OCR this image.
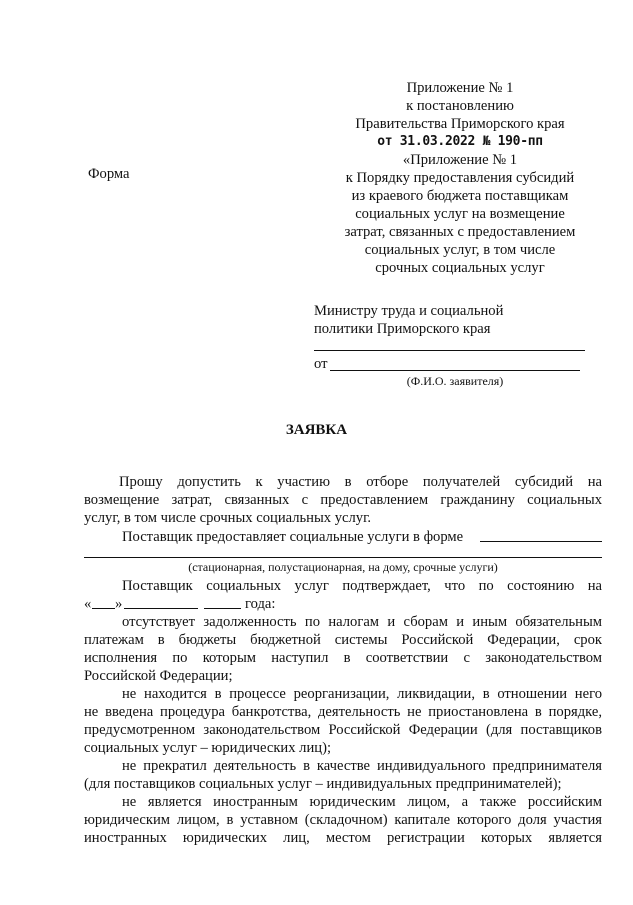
Приложение № 1
к постановлению
Правительства Приморского края
от 31.03.2022 № 190-пп
«Приложение № 1
к Порядку предоставления субсидий
из краевого бюджета поставщикам
социальных услуг на возмещение
затрат, связанных с предоставлением
социальных услуг, в том числе
срочных социальных услуг
Форма
Министру труда и социальной
политики Приморского края
от
(Ф.И.О. заявителя)
ЗАЯВКА
Прошу допустить к участию в отборе получателей субсидий на
возмещение затрат, связанных с предоставлением гражданину социальных
услуг, в том числе срочных социальных услуг.
Поставщик предоставляет социальные услуги в форме
(стационарная, полустационарная, на дому, срочные услуги)
Поставщик социальных услуг подтверждает, что по состоянию на
« »	года:
отсутствует задолженность по налогам и сборам и иным обязательным
платежам в бюджеты бюджетной системы Российской Федерации, срок
исполнения по которым наступил в соответствии с законодательством
Российской Федерации;
не находится в процессе реорганизации, ликвидации, в отношении него
не введена процедура банкротства, деятельность не приостановлена в порядке,
предусмотренном законодательством Российской Федерации (для поставщиков
социальных услуг – юридических лиц);
не прекратил деятельность в качестве индивидуального предпринимателя
(для поставщиков социальных услуг – индивидуальных предпринимателей);
не является иностранным юридическим лицом, а также российским
юридическим лицом, в уставном (складочном) капитале которого доля участия
иностранных юридических лиц, местом регистрации которых является
